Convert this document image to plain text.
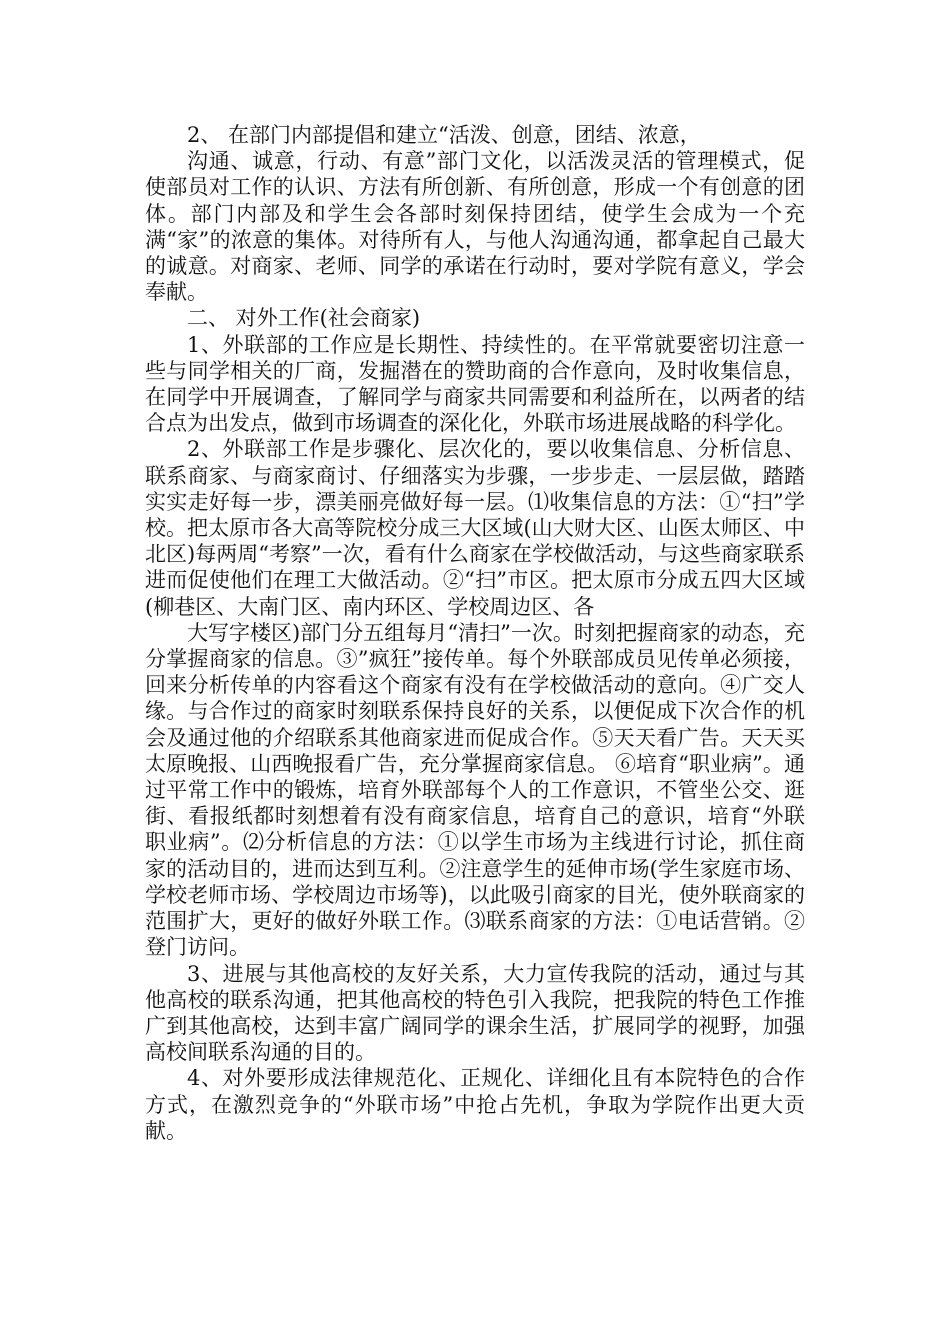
2、 在部门内部提倡和建立“活泼、创意，团结、浓意，

沟通、诚意，行动、有意”部门文化，以活泼灵活的管理模式，促使部员对工作的认识、方法有所创新、有所创意，形成一个有创意的团体。部门内部及和学生会各部时刻保持团结，使学生会成为一个充满“家”的浓意的集体。对待所有人，与他人沟通沟通，都拿起自己最大的诚意。对商家、老师、同学的承诺在行动时，要对学院有意义，学会奉献。

二、 对外工作(社会商家)

1、外联部的工作应是长期性、持续性的。在平常就要密切注意一些与同学相关的厂商，发掘潜在的赞助商的合作意向，及时收集信息，在同学中开展调查，了解同学与商家共同需要和利益所在，以两者的结合点为出发点，做到市场调查的深化化，外联市场进展战略的科学化。

2、外联部工作是步骤化、层次化的，要以收集信息、分析信息、联系商家、与商家商讨、仔细落实为步骤，一步步走、一层层做，踏踏实实走好每一步，漂美丽亮做好每一层。⑴收集信息的方法：①“扫”学校。把太原市各大高等院校分成三大区域(山大财大区、山医太师区、中北区)每两周“考察”一次，看有什么商家在学校做活动，与这些商家联系进而促使他们在理工大做活动。②“扫”市区。把太原市分成五四大区域(柳巷区、大南门区、南内环区、学校周边区、各

大写字楼区)部门分五组每月“清扫”一次。时刻把握商家的动态，充分掌握商家的信息。③”疯狂”接传单。每个外联部成员见传单必须接，回来分析传单的内容看这个商家有没有在学校做活动的意向。④广交人缘。与合作过的商家时刻联系保持良好的关系，以便促成下次合作的机会及通过他的介绍联系其他商家进而促成合作。⑤天天看广告。天天买太原晚报、山西晚报看广告，充分掌握商家信息。 ⑥培育“职业病”。通过平常工作中的锻炼，培育外联部每个人的工作意识，不管坐公交、逛街、看报纸都时刻想着有没有商家信息，培育自己的意识，培育“外联职业病”。⑵分析信息的方法：①以学生市场为主线进行讨论，抓住商家的活动目的，进而达到互利。②注意学生的延伸市场(学生家庭市场、学校老师市场、学校周边市场等)，以此吸引商家的目光，使外联商家的范围扩大，更好的做好外联工作。⑶联系商家的方法：①电话营销。②登门访问。

3、进展与其他高校的友好关系，大力宣传我院的活动，通过与其他高校的联系沟通，把其他高校的特色引入我院，把我院的特色工作推广到其他高校，达到丰富广阔同学的课余生活，扩展同学的视野，加强高校间联系沟通的目的。

4、对外要形成法律规范化、正规化、详细化且有本院特色的合作方式，在激烈竞争的“外联市场”中抢占先机，争取为学院作出更大贡献。
